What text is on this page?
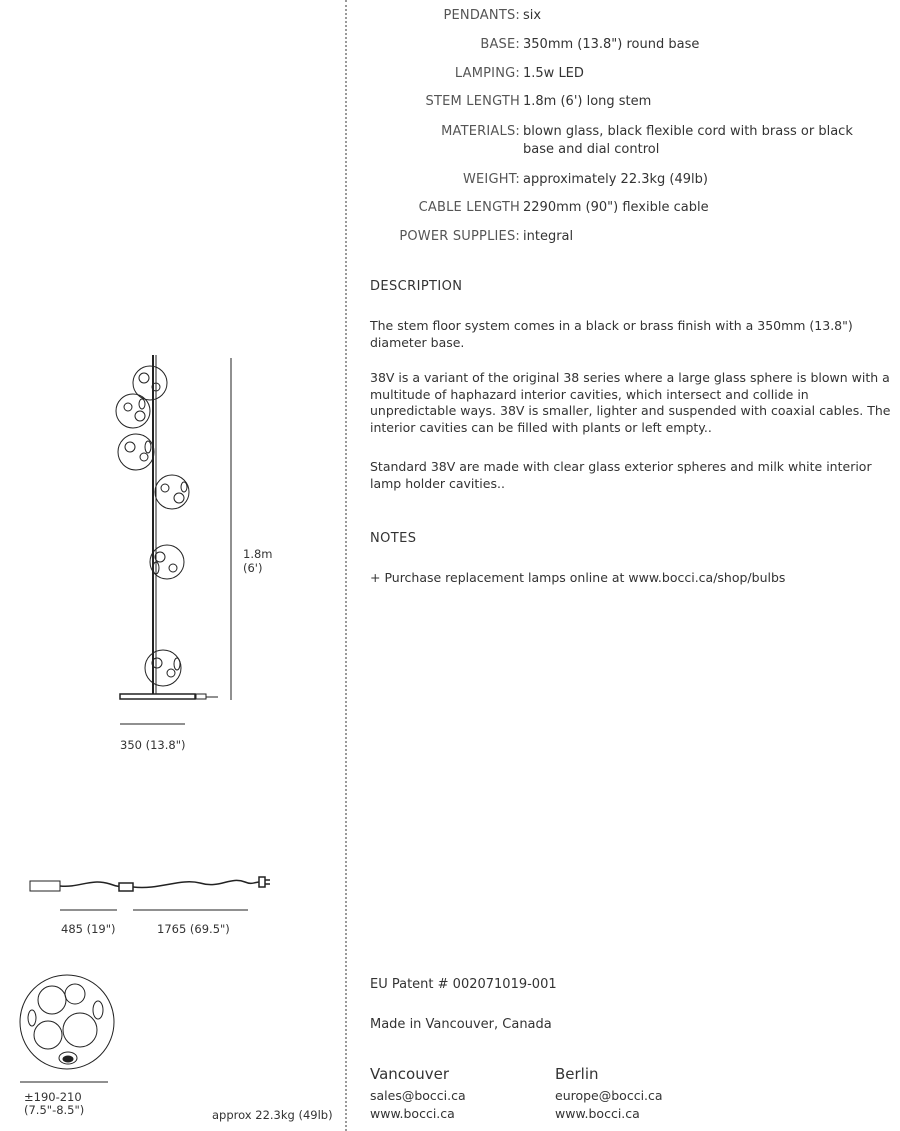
PENDANTS: six
BASE: 350mm (13.8") round base
LAMPING: 1.5w LED
STEM LENGTH 1.8m (6') long stem
MATERIALS: blown glass, black flexible cord with brass or black base and dial control
WEIGHT: approximately 22.3kg (49lb)
CABLE LENGTH 2290mm (90") flexible cable
POWER SUPPLIES: integral
DESCRIPTION
The stem floor system comes in a black or brass finish with a 350mm (13.8") diameter base.
38V is a variant of the original 38 series where a large glass sphere is blown with a multitude of haphazard interior cavities, which intersect and collide in unpredictable ways. 38V is smaller, lighter and suspended with coaxial cables. The interior cavities can be filled with plants or left empty..
Standard 38V are made with clear glass exterior spheres and milk white interior lamp holder cavities..
NOTES
+ Purchase replacement lamps online at www.bocci.ca/shop/bulbs
EU Patent # 002071019-001
Made in Vancouver, Canada
Vancouver
sales@bocci.ca
www.bocci.ca
Berlin
europe@bocci.ca
www.bocci.ca
1.8m
(6')
350 (13.8")
485 (19")	1765 (69.5")
±190-210
(7.5"-8.5")	approx 22.3kg (49lb)
